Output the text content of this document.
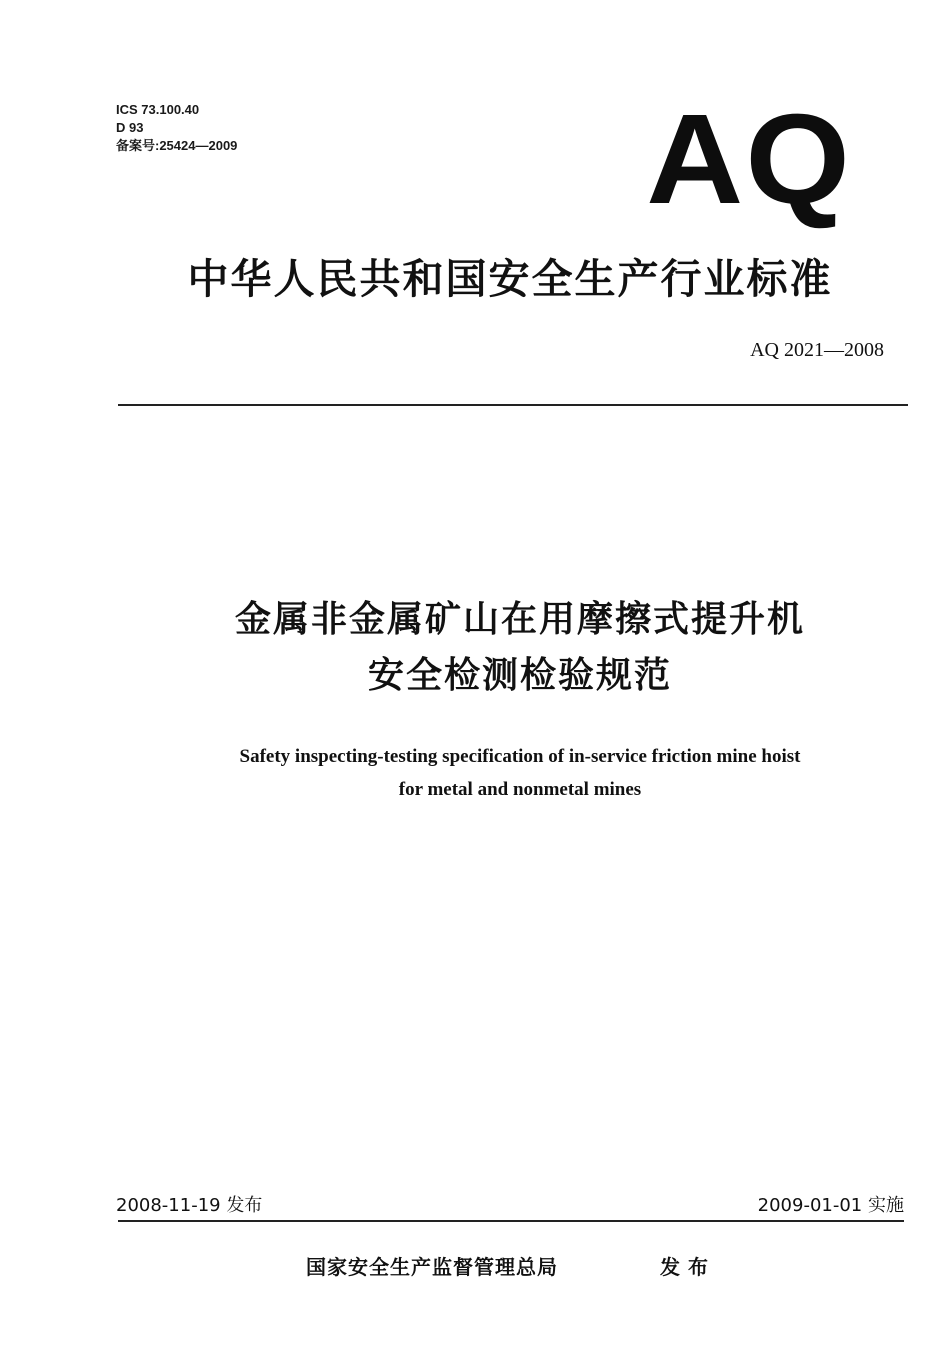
ICS 73.100.40
D 93
备案号:25424—2009	AQ
中华人民共和国安全生产行业标准
AQ 2021—2008
金属非金属矿山在用摩擦式提升机
安全检测检验规范
Safety inspecting-testing specification of in-service friction mine hoist
for metal and nonmetal mines
2008-11-19 发布	2009-01-01 实施
国家安全生产监督管理总局	发布
